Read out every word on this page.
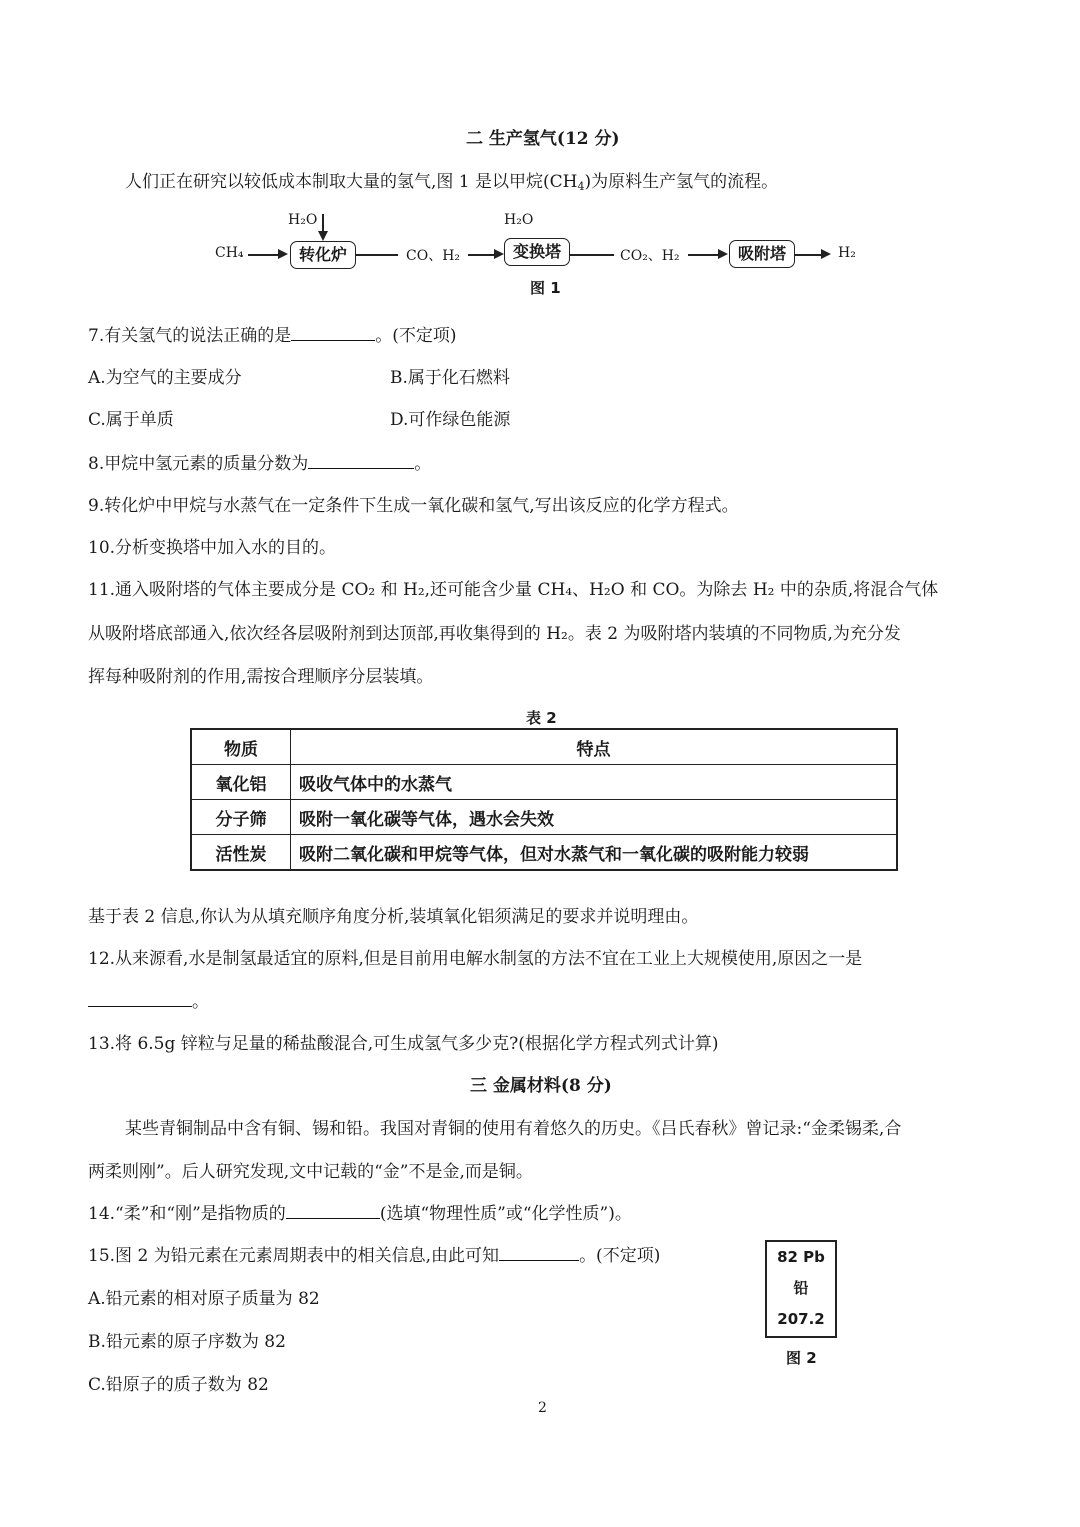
二 生产氢气(12 分)
人们正在研究以较低成本制取大量的氢气,图 1 是以甲烷$(CH_4)$为原料生产氢气的流程。
CH₄
H₂O
转化炉	CO、H₂
H₂O
变换塔	CO₂、H₂	吸附塔	H₂
图 1
7.有关氢气的说法正确的是	。(不定项)
A.为空气的主要成分	B.属于化石燃料
C.属于单质	D.可作绿色能源
8.甲烷中氢元素的质量分数为	。
9.转化炉中甲烷与水蒸气在一定条件下生成一氧化碳和氢气,写出该反应的化学方程式。
10.分析变换塔中加入水的目的。
11.通入吸附塔的气体主要成分是 CO₂ 和 H₂,还可能含少量 CH₄、H₂O 和 CO。为除去 H₂ 中的杂质,将混合气体
从吸附塔底部通入,依次经各层吸附剂到达顶部,再收集得到的 H₂。表 2 为吸附塔内装填的不同物质,为充分发
挥每种吸附剂的作用,需按合理顺序分层装填。
表 2
物质	特点
氧化铝	吸收气体中的水蒸气
分子筛	吸附一氧化碳等气体，遇水会失效
活性炭	吸附二氧化碳和甲烷等气体，但对水蒸气和一氧化碳的吸附能力较弱
基于表 2 信息,你认为从填充顺序角度分析,装填氧化铝须满足的要求并说明理由。
12.从来源看,水是制氢最适宜的原料,但是目前用电解水制氢的方法不宜在工业上大规模使用,原因之一是
。
13.将 6.5g 锌粒与足量的稀盐酸混合,可生成氢气多少克?(根据化学方程式列式计算)
三 金属材料(8 分)
某些青铜制品中含有铜、锡和铅。我国对青铜的使用有着悠久的历史。《吕氏春秋》曾记录:“金柔锡柔,合
两柔则刚”。后人研究发现,文中记载的“金”不是金,而是铜。
14.“柔”和“刚”是指物质的	(选填“物理性质”或“化学性质”)。
15.图 2 为铅元素在元素周期表中的相关信息,由此可知	。(不定项)
A.铅元素的相对原子质量为 82
B.铅元素的原子序数为 82
C.铅原子的质子数为 82
82 Pb
铅
207.2
图 2
2
